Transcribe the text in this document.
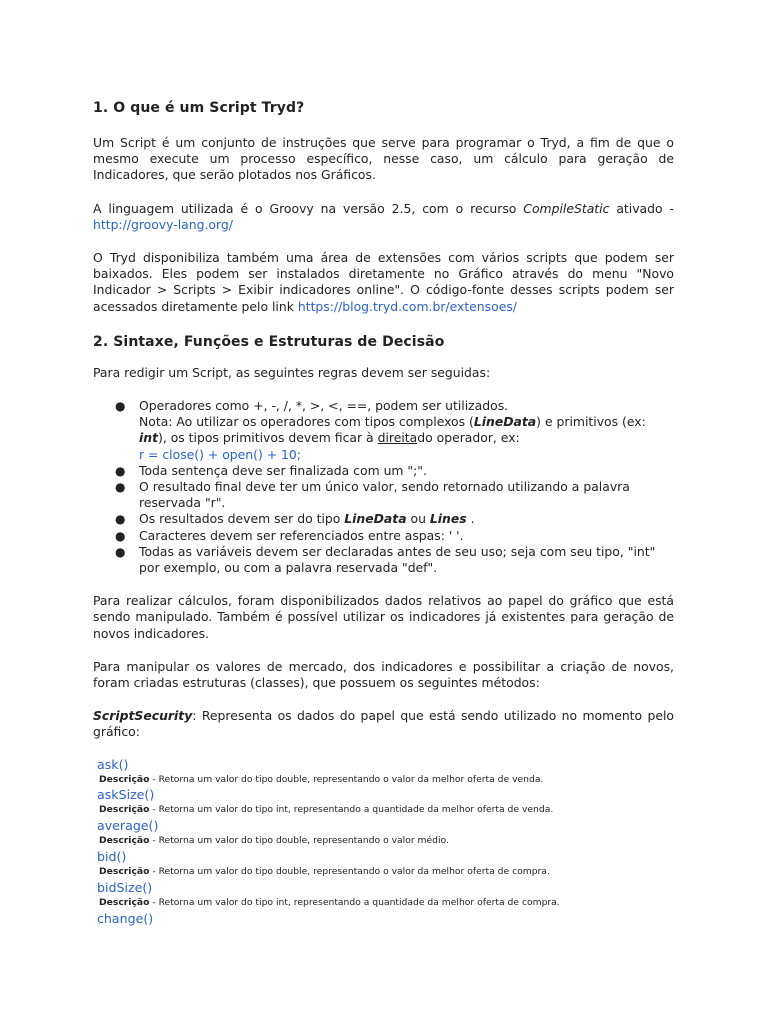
1. O que é um Script Tryd?

Um Script é um conjunto de instruções que serve para programar o Tryd, a fim de que o mesmo execute um processo específico, nesse caso, um cálculo para geração de Indicadores, que serão plotados nos Gráficos.

A linguagem utilizada é o Groovy na versão 2.5, com o recurso CompileStatic ativado - http://groovy-lang.org/

O Tryd disponibiliza também uma área de extensões com vários scripts que podem ser baixados. Eles podem ser instalados diretamente no Gráfico através do menu "Novo Indicador > Scripts > Exibir indicadores online". O código-fonte desses scripts podem ser acessados diretamente pelo link https://blog.tryd.com.br/extensoes/

2. Sintaxe, Funções e Estruturas de Decisão

Para redigir um Script, as seguintes regras devem ser seguidas:

● Operadores como +, -, /, *, >, <, ==, podem ser utilizados.
Nota: Ao utilizar os operadores com tipos complexos (LineData) e primitivos (ex: int), os tipos primitivos devem ficar à direitado operador, ex:
r = close() + open() + 10;
● Toda sentença deve ser finalizada com um ";".
● O resultado final deve ter um único valor, sendo retornado utilizando a palavra reservada "r".
● Os resultados devem ser do tipo LineData ou Lines .
● Caracteres devem ser referenciados entre aspas: ' '.
● Todas as variáveis devem ser declaradas antes de seu uso; seja com seu tipo, "int" por exemplo, ou com a palavra reservada "def".

Para realizar cálculos, foram disponibilizados dados relativos ao papel do gráfico que está sendo manipulado. Também é possível utilizar os indicadores já existentes para geração de novos indicadores.

Para manipular os valores de mercado, dos indicadores e possibilitar a criação de novos, foram criadas estruturas (classes), que possuem os seguintes métodos:

ScriptSecurity: Representa os dados do papel que está sendo utilizado no momento pelo gráfico:

ask()
Descrição - Retorna um valor do tipo double, representando o valor da melhor oferta de venda.
askSize()
Descrição - Retorna um valor do tipo int, representando a quantidade da melhor oferta de venda.
average()
Descrição - Retorna um valor do tipo double, representando o valor médio.
bid()
Descrição - Retorna um valor do tipo double, representando o valor da melhor oferta de compra.
bidSize()
Descrição - Retorna um valor do tipo int, representando a quantidade da melhor oferta de compra.
change()
